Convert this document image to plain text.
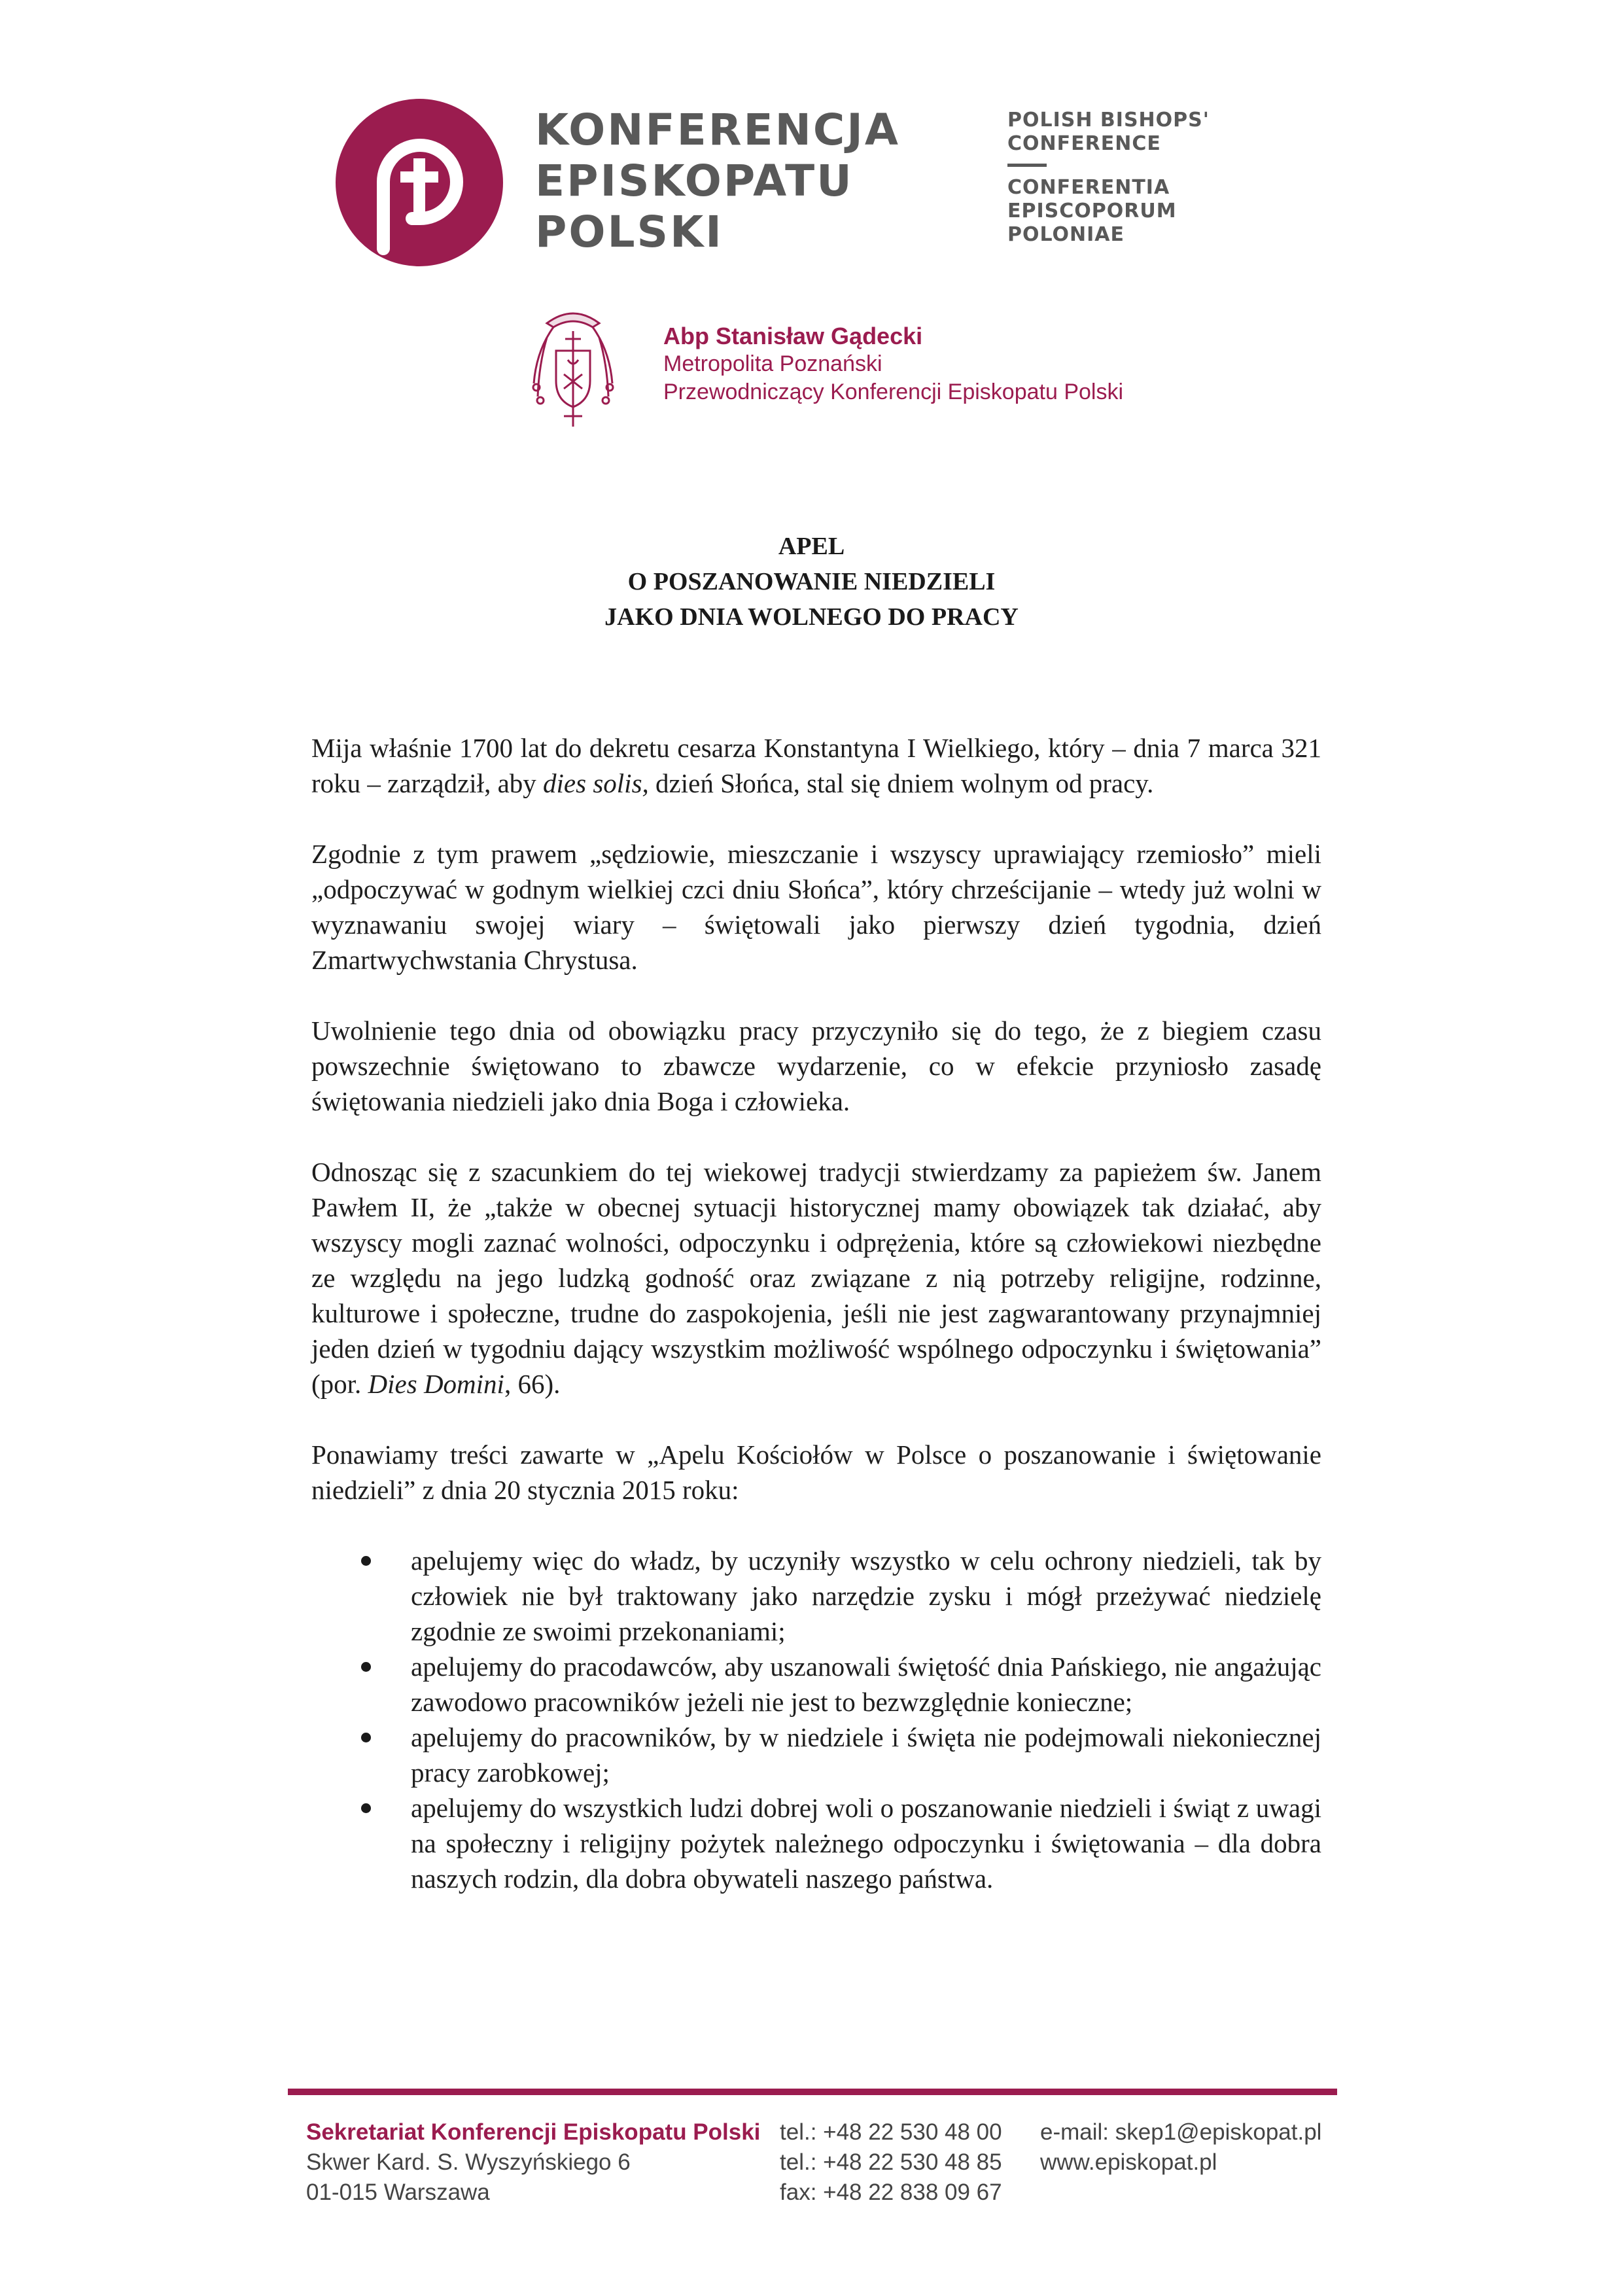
KONFERENCJA
EPISKOPATU
POLSKI
POLISH BISHOPS'
CONFERENCE
CONFERENTIA
EPISCOPORUM
POLONIAE
Abp Stanisław Gądecki
Metropolita Poznański
Przewodniczący Konferencji Episkopatu Polski
APEL
O POSZANOWANIE NIEDZIELI
JAKO DNIA WOLNEGO DO PRACY

Mija właśnie 1700 lat do dekretu cesarza Konstantyna I Wielkiego, który – dnia 7 marca 321 roku – zarządził, aby dies solis, dzień Słońca, stal się dniem wolnym od pracy.

Zgodnie z tym prawem „sędziowie, mieszczanie i wszyscy uprawiający rzemiosło” mieli „odpoczywać w godnym wielkiej czci dniu Słońca”, który chrześcijanie – wtedy już wolni w wyznawaniu swojej wiary – świętowali jako pierwszy dzień tygodnia, dzień Zmartwychwstania Chrystusa.

Uwolnienie tego dnia od obowiązku pracy przyczyniło się do tego, że z biegiem czasu powszechnie świętowano to zbawcze wydarzenie, co w efekcie przyniosło zasadę świętowania niedzieli jako dnia Boga i człowieka.

Odnosząc się z szacunkiem do tej wiekowej tradycji stwierdzamy za papieżem św. Janem Pawłem II, że „także w obecnej sytuacji historycznej mamy obowiązek tak działać, aby wszyscy mogli zaznać wolności, odpoczynku i odprężenia, które są człowiekowi niezbędne ze względu na jego ludzką godność oraz związane z nią potrzeby religijne, rodzinne, kulturowe i społeczne, trudne do zaspokojenia, jeśli nie jest zagwarantowany przynajmniej jeden dzień w tygodniu dający wszystkim możliwość wspólnego odpoczynku i świętowania” (por. Dies Domini, 66).

Ponawiamy treści zawarte w „Apelu Kościołów w Polsce o poszanowanie i świętowanie niedzieli” z dnia 20 stycznia 2015 roku:

apelujemy więc do władz, by uczyniły wszystko w celu ochrony niedzieli, tak by człowiek nie był traktowany jako narzędzie zysku i mógł przeżywać niedzielę zgodnie ze swoimi przekonaniami;
apelujemy do pracodawców, aby uszanowali świętość dnia Pańskiego, nie angażując zawodowo pracowników jeżeli nie jest to bezwzględnie konieczne;
apelujemy do pracowników, by w niedziele i święta nie podejmowali niekoniecznej pracy zarobkowej;
apelujemy do wszystkich ludzi dobrej woli o poszanowanie niedzieli i świąt z uwagi na społeczny i religijny pożytek należnego odpoczynku i świętowania – dla dobra naszych rodzin, dla dobra obywateli naszego państwa.
Sekretariat Konferencji Episkopatu Polski
Skwer Kard. S. Wyszyńskiego 6
01-015 Warszawa
tel.: +48 22 530 48 00
tel.: +48 22 530 48 85
fax: +48 22 838 09 67
e-mail: skep1@episkopat.pl
www.episkopat.pl
